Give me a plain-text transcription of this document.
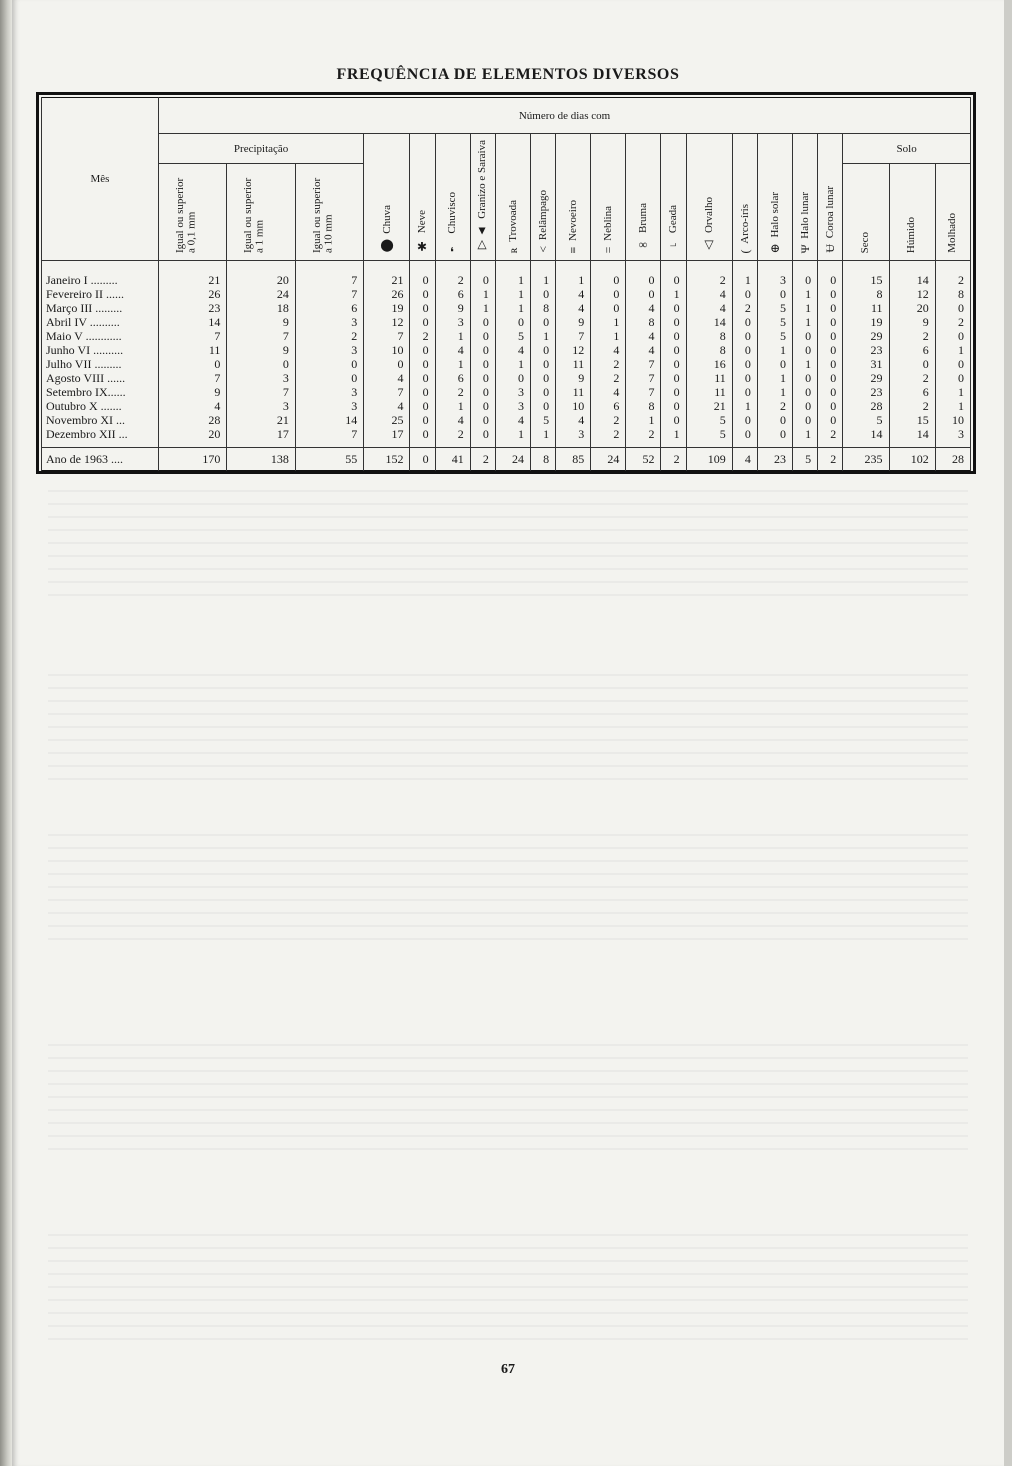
FREQUÊNCIA DE ELEMENTOS DIVERSOS
Mês	Número de dias com																				
	Precipitação			⬤ Chuva	✱ Neve	❜ Chuvisco	▽▲ Granizo e Saraiva	ʀ Trovoada	< Relâmpago	≡ Nevoeiro	= Neblina	∞ Bruma	⌐ Geada	△ Orvalho	( Arco-íris	⊕ Halo solar	Ψ Halo lunar	Ʉ Coroa lunar	Solo		
	Igual ou superior a 0,1 mm	Igual ou superior a 1 mm	Igual ou superior a 10 mm																Seco	Húmido	Molhado
Janeiro I .........	21	20	7	21	0	2	0	1	1	1	0	0	0	2	1	3	0	0	15	14	2
Fevereiro II ......	26	24	7	26	0	6	1	1	0	4	0	0	1	4	0	0	1	0	8	12	8
Março III .........	23	18	6	19	0	9	1	1	8	4	0	4	0	4	2	5	1	0	11	20	0
Abril IV ..........	14	9	3	12	0	3	0	0	0	9	1	8	0	14	0	5	1	0	19	9	2
Maio V ............	7	7	2	7	2	1	0	5	1	7	1	4	0	8	0	5	0	0	29	2	0
Junho VI ..........	11	9	3	10	0	4	0	4	0	12	4	4	0	8	0	1	0	0	23	6	1
Julho VII .........	0	0	0	0	0	1	0	1	0	11	2	7	0	16	0	0	1	0	31	0	0
Agosto VIII ......	7	3	0	4	0	6	0	0	0	9	2	7	0	11	0	1	0	0	29	2	0
Setembro IX......	9	7	3	7	0	2	0	3	0	11	4	7	0	11	0	1	0	0	23	6	1
Outubro X .......	4	3	3	4	0	1	0	3	0	10	6	8	0	21	1	2	0	0	28	2	1
Novembro XI ...	28	21	14	25	0	4	0	4	5	4	2	1	0	5	0	0	0	0	5	15	10
Dezembro XII ...	20	17	7	17	0	2	0	1	1	3	2	2	1	5	0	0	1	2	14	14	3
Ano de 1963 ....	170	138	55	152	0	41	2	24	8	85	24	52	2	109	4	23	5	2	235	102	28
67
